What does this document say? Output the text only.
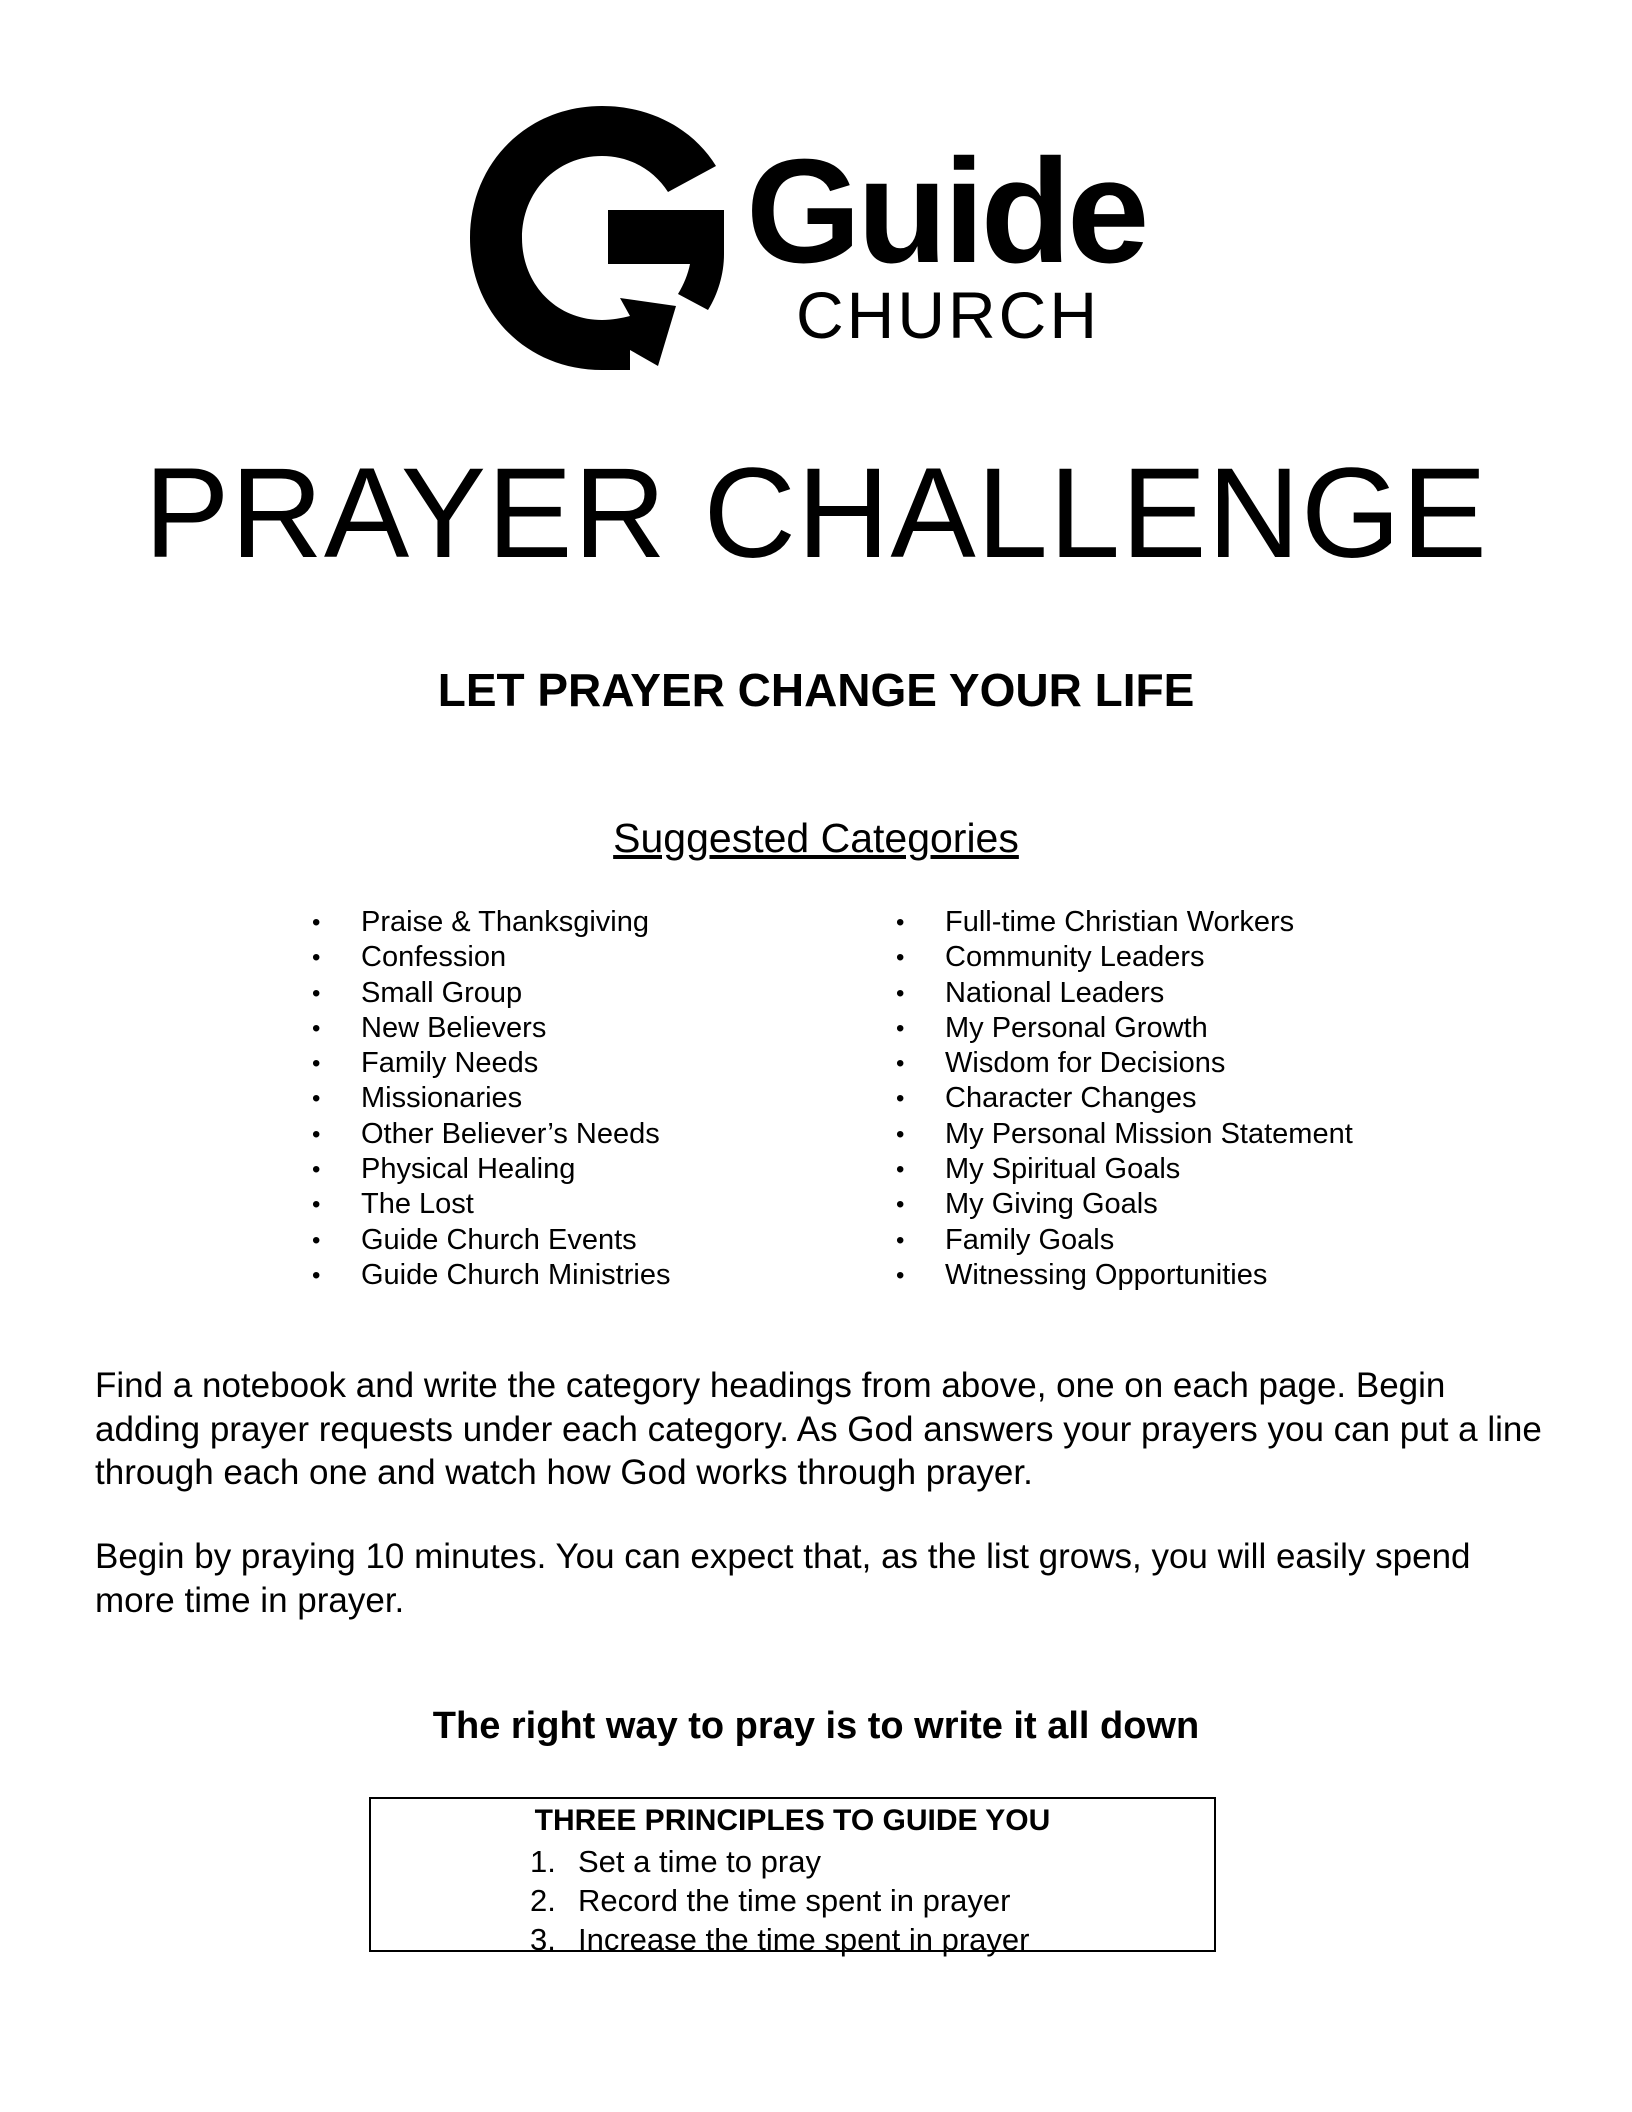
Guide
CHURCH
PRAYER CHALLENGE
LET PRAYER CHANGE YOUR LIFE
Suggested Categories
• Praise & Thanksgiving
• Confession
• Small Group
• New Believers
• Family Needs
• Missionaries
• Other Believer’s Needs
• Physical Healing
• The Lost
• Guide Church Events
• Guide Church Ministries
• Full-time Christian Workers
• Community Leaders
• National Leaders
• My Personal Growth
• Wisdom for Decisions
• Character Changes
• My Personal Mission Statement
• My Spiritual Goals
• My Giving Goals
• Family Goals
• Witnessing Opportunities

Find a notebook and write the category headings from above, one on each page. Begin adding prayer requests under each category. As God answers your prayers you can put a line through each one and watch how God works through prayer.

Begin by praying 10 minutes. You can expect that, as the list grows, you will easily spend more time in prayer.

The right way to pray is to write it all down
THREE PRINCIPLES TO GUIDE YOU
1. Set a time to pray
2. Record the time spent in prayer
3. Increase the time spent in prayer
